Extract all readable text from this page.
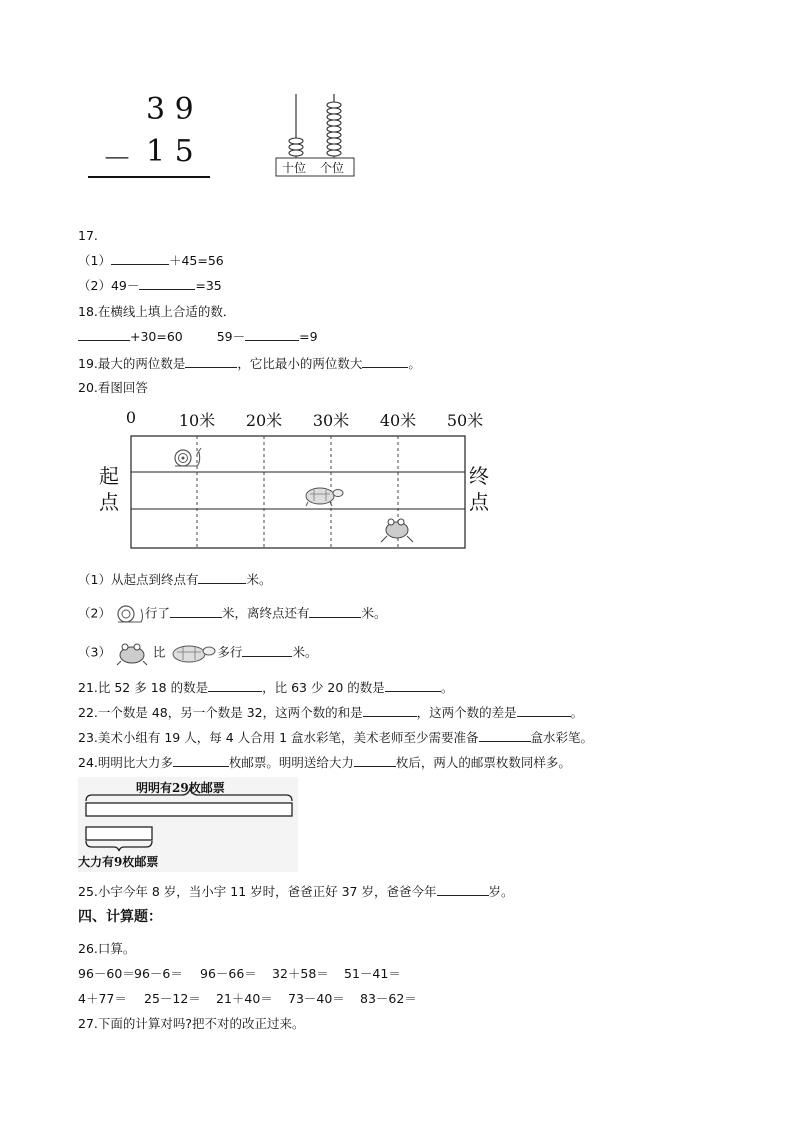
3 9
－ 1 5	十位 个位
17.
（1）	＋45=56
（2）49－	=35
18.在横线上填上合适的数．
+30=60	59－	=9
19.最大的两位数是	，它比最小的两位数大	。
20.看图回答
0	10米 20米 30米 40米 50米
起
点
终
点
（1）从起点到终点有	米。
（2）	行了	米，离终点还有	米。
（3）	比	多行	米。
21.比 52 多 18 的数是	，比 63 少 20 的数是	。
22.一个数是 48，另一个数是 32，这两个数的和是	，这两个数的差是	。
23.美术小组有 19 人，每 4 人合用 1 盒水彩笔，美术老师至少需要准备	盒水彩笔。
24.明明比大力多	枚邮票。明明送给大力	枚后，两人的邮票枚数同样多。
明明有29枚邮票
大力有9枚邮票
25.小宇今年 8 岁，当小宇 11 岁时，爸爸正好 37 岁，爸爸今年	岁。
四、计算题：
26.口算。
96－60＝96－6＝ 96－66＝ 32＋58＝ 51－41＝
4＋77＝ 25－12＝ 21＋40＝ 73－40＝ 83－62＝
27.下面的计算对吗?把不对的改正过来。
